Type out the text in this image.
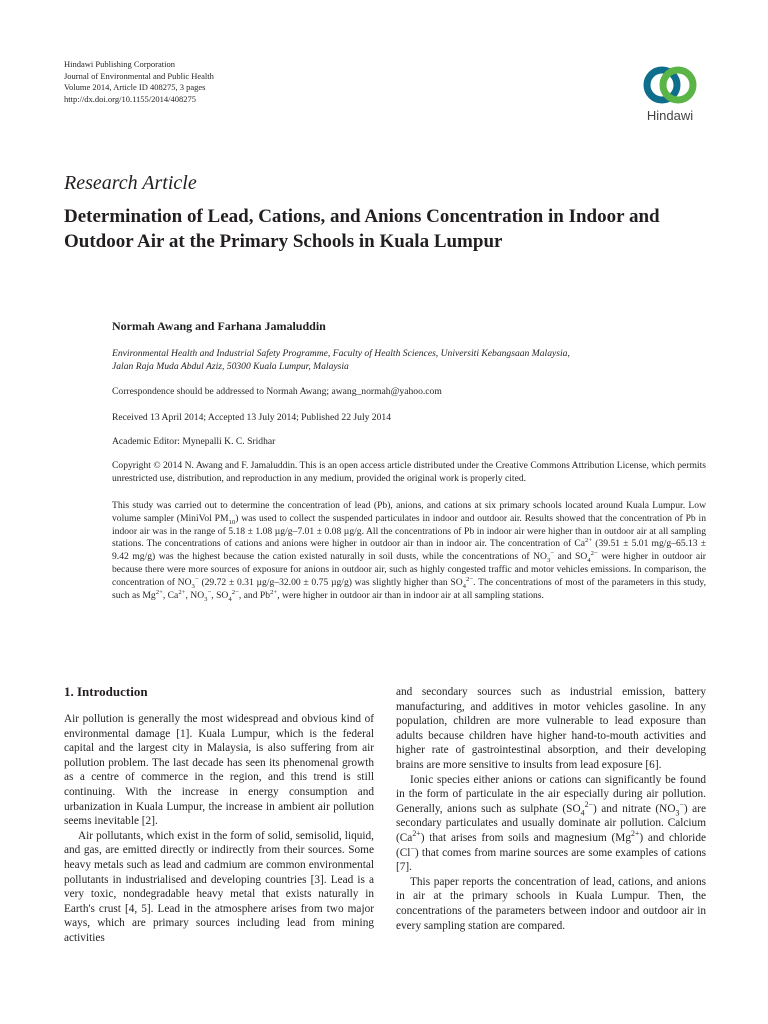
Hindawi Publishing Corporation
Journal of Environmental and Public Health
Volume 2014, Article ID 408275, 3 pages
http://dx.doi.org/10.1155/2014/408275
Hindawi
Research Article
Determination of Lead, Cations, and Anions Concentration in Indoor and Outdoor Air at the Primary Schools in Kuala Lumpur
Normah Awang and Farhana Jamaluddin
Environmental Health and Industrial Safety Programme, Faculty of Health Sciences, Universiti Kebangsaan Malaysia,
Jalan Raja Muda Abdul Aziz, 50300 Kuala Lumpur, Malaysia
Correspondence should be addressed to Normah Awang; awang_normah@yahoo.com
Received 13 April 2014; Accepted 13 July 2014; Published 22 July 2014
Academic Editor: Mynepalli K. C. Sridhar
Copyright © 2014 N. Awang and F. Jamaluddin. This is an open access article distributed under the Creative Commons Attribution License, which permits unrestricted use, distribution, and reproduction in any medium, provided the original work is properly cited.
This study was carried out to determine the concentration of lead (Pb), anions, and cations at six primary schools located around Kuala Lumpur. Low volume sampler (MiniVol $PM_{10}$) was used to collect the suspended particulates in indoor and outdoor air. Results showed that the concentration of Pb in indoor air was in the range of 5.18 ± 1.08 µg/g–7.01 ± 0.08 µg/g. All the concentrations of Pb in indoor air were higher than in outdoor air at all sampling stations. The concentrations of cations and anions were higher in outdoor air than in indoor air. The concentration of $Ca^{2+}$ (39.51 ± 5.01 mg/g–65.13 ± 9.42 mg/g) was the highest because the cation existed naturally in soil dusts, while the concentrations of $NO_3^-$ and $SO_4^{2-}$ were higher in outdoor air because there were more sources of exposure for anions in outdoor air, such as highly congested traffic and motor vehicles emissions. In comparison, the concentration of $NO_3^-$ (29.72 ± 0.31 µg/g–32.00 ± 0.75 µg/g) was slightly higher than $SO_4^{2-}$. The concentrations of most of the parameters in this study, such as $Mg^{2+}$, $Ca^{2+}$, $NO_3^-$, $SO_4^{2-}$, and $Pb^{2+}$, were higher in outdoor air than in indoor air at all sampling stations.
1. Introduction

Air pollution is generally the most widespread and obvious kind of environmental damage [1]. Kuala Lumpur, which is the federal capital and the largest city in Malaysia, is also suffering from air pollution problem. The last decade has seen its phenomenal growth as a centre of commerce in the region, and this trend is still continuing. With the increase in energy consumption and urbanization in Kuala Lumpur, the increase in ambient air pollution seems inevitable [2].

Air pollutants, which exist in the form of solid, semisolid, liquid, and gas, are emitted directly or indirectly from their sources. Some heavy metals such as lead and cadmium are common environmental pollutants in industrialised and developing countries [3]. Lead is a very toxic, nondegradable heavy metal that exists naturally in Earth's crust [4, 5]. Lead in the atmosphere arises from two major ways, which are primary sources including lead from mining activities

and secondary sources such as industrial emission, battery manufacturing, and additives in motor vehicles gasoline. In any population, children are more vulnerable to lead exposure than adults because children have higher hand-to-mouth activities and higher rate of gastrointestinal absorption, and their developing brains are more sensitive to insults from lead exposure [6].

Ionic species either anions or cations can significantly be found in the form of particulate in the air especially during air pollution. Generally, anions such as sulphate $(SO_4^{2-})$ and nitrate $(NO_3^-)$ are secondary particulates and usually dominate air pollution. Calcium $(Ca^{2+})$ that arises from soils and magnesium $(Mg^{2+})$ and chloride (Cl−) that comes from marine sources are some examples of cations [7].

This paper reports the concentration of lead, cations, and anions in air at the primary schools in Kuala Lumpur. Then, the concentrations of the parameters between indoor and outdoor air in every sampling station are compared.
